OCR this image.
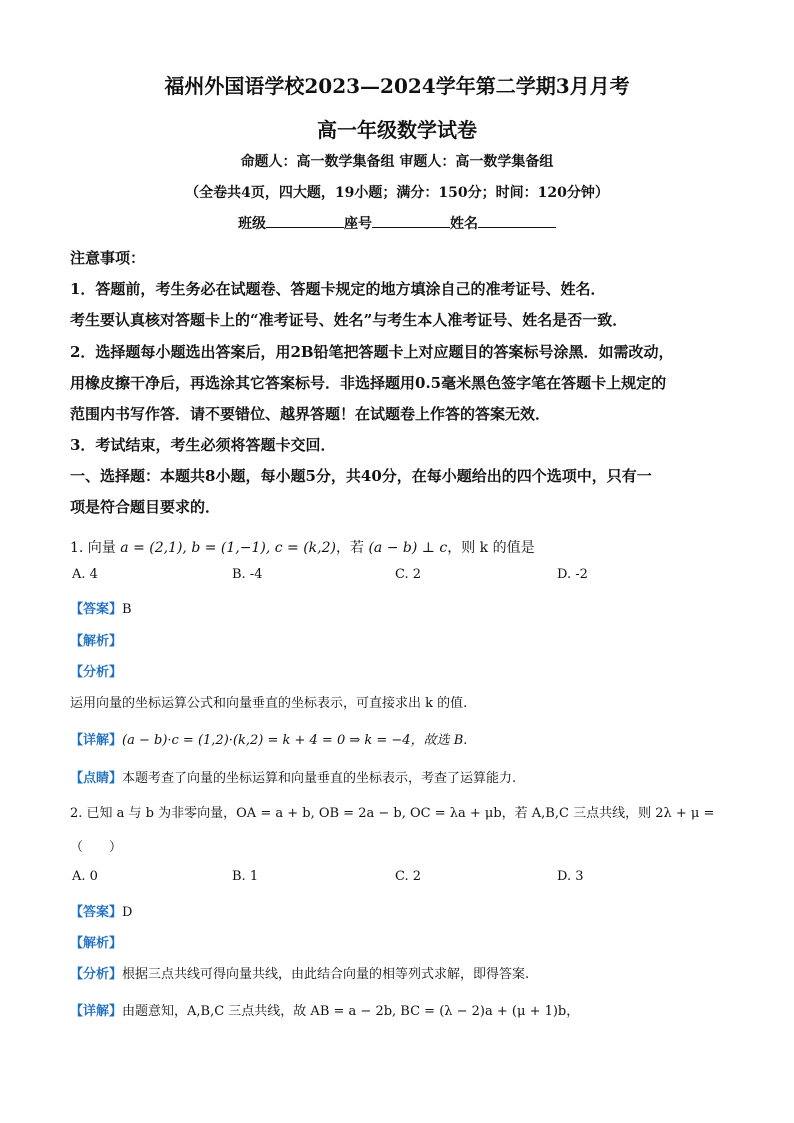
福州外国语学校2023—2024学年第二学期3月月考
高一年级数学试卷
命题人：高一数学集备组 审题人：高一数学集备组
（全卷共4页，四大题，19小题；满分：150分；时间：120分钟）
班级	座号	姓名
注意事项：
1．答题前，考生务必在试题卷、答题卡规定的地方填涂自己的准考证号、姓名．
考生要认真核对答题卡上的“准考证号、姓名”与考生本人准考证号、姓名是否一致．
2．选择题每小题选出答案后，用2B铅笔把答题卡上对应题目的答案标号涂黑．如需改动，
用橡皮擦干净后，再选涂其它答案标号．非选择题用0.5毫米黑色签字笔在答题卡上规定的
范围内书写作答．请不要错位、越界答题！在试题卷上作答的答案无效．
3．考试结束，考生必须将答题卡交回．
一、选择题：本题共8小题，每小题5分，共40分，在每小题给出的四个选项中，只有一
项是符合题目要求的．
1. 向量 a = (2,1), b = (1,−1), c = (k,2)，若 (a − b) ⊥ c，则 k 的值是
A. 4	B. -4	C. 2	D. -2
【答案】B
【解析】
【分析】
运用向量的坐标运算公式和向量垂直的坐标表示，可直接求出 k 的值.
【详解】(a − b)·c = (1,2)·(k,2) = k + 4 = 0 ⇒ k = −4，故选 B.
【点睛】本题考查了向量的坐标运算和向量垂直的坐标表示，考查了运算能力.
2. 已知 a 与 b 为非零向量，OA = a + b, OB = 2a − b, OC = λa + μb，若 A,B,C 三点共线，则 2λ + μ =
（　　）
A. 0	B. 1	C. 2	D. 3
【答案】D
【解析】
【分析】根据三点共线可得向量共线，由此结合向量的相等列式求解，即得答案.
【详解】由题意知，A,B,C 三点共线，故 AB = a − 2b, BC = (λ − 2)a + (μ + 1)b，
